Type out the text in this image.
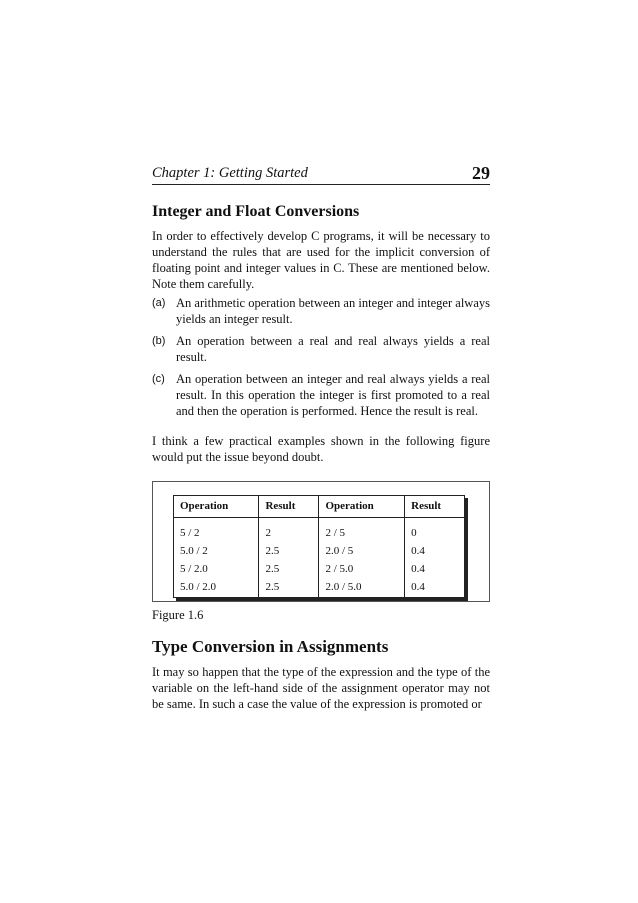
Chapter 1: Getting Started	29
Integer and Float Conversions

In order to effectively develop C programs, it will be necessary to understand the rules that are used for the implicit conversion of floating point and integer values in C. These are mentioned below. Note them carefully.

(a) An arithmetic operation between an integer and integer always yields an integer result.
(b) An operation between a real and real always yields a real result.
(c) An operation between an integer and real always yields a real result. In this operation the integer is first promoted to a real and then the operation is performed. Hence the result is real.

I think a few practical examples shown in the following figure would put the issue beyond doubt.

Operation	Result	Operation	Result
5 / 2	2	2 / 5	0
5.0 / 2	2.5	2.0 / 5	0.4
5 / 2.0	2.5	2 / 5.0	0.4
5.0 / 2.0	2.5	2.0 / 5.0	0.4
Figure 1.6
Type Conversion in Assignments

It may so happen that the type of the expression and the type of the variable on the left-hand side of the assignment operator may not be same. In such a case the value of the expression is promoted or
